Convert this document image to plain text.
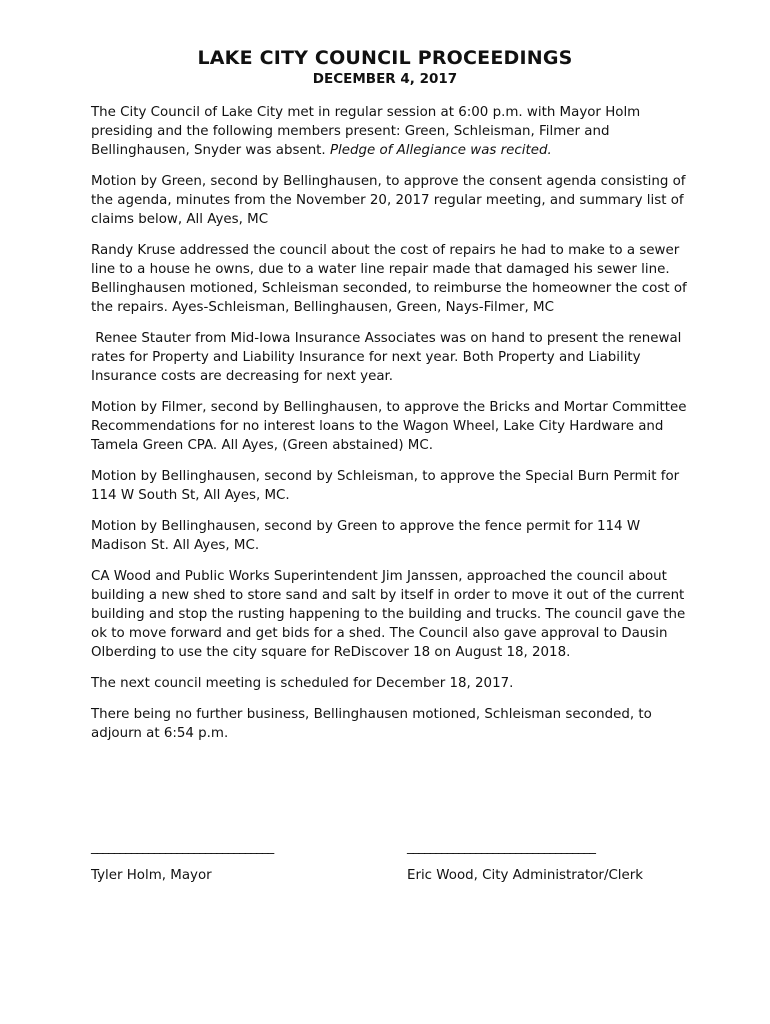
LAKE CITY COUNCIL PROCEEDINGS
DECEMBER 4, 2017

The City Council of Lake City met in regular session at 6:00 p.m. with Mayor Holm presiding and the following members present: Green, Schleisman, Filmer and Bellinghausen, Snyder was absent. Pledge of Allegiance was recited.

Motion by Green, second by Bellinghausen, to approve the consent agenda consisting of the agenda, minutes from the November 20, 2017 regular meeting, and summary list of claims below, All Ayes, MC

Randy Kruse addressed the council about the cost of repairs he had to make to a sewer line to a house he owns, due to a water line repair made that damaged his sewer line. Bellinghausen motioned, Schleisman seconded, to reimburse the homeowner the cost of the repairs. Ayes-Schleisman, Bellinghausen, Green, Nays-Filmer, MC

Renee Stauter from Mid-Iowa Insurance Associates was on hand to present the renewal rates for Property and Liability Insurance for next year. Both Property and Liability Insurance costs are decreasing for next year.

Motion by Filmer, second by Bellinghausen, to approve the Bricks and Mortar Committee Recommendations for no interest loans to the Wagon Wheel, Lake City Hardware and Tamela Green CPA. All Ayes, (Green abstained) MC.

Motion by Bellinghausen, second by Schleisman, to approve the Special Burn Permit for 114 W South St, All Ayes, MC.

Motion by Bellinghausen, second by Green to approve the fence permit for 114 W Madison St. All Ayes, MC.

CA Wood and Public Works Superintendent Jim Janssen, approached the council about building a new shed to store sand and salt by itself in order to move it out of the current building and stop the rusting happening to the building and trucks. The council gave the ok to move forward and get bids for a shed. The Council also gave approval to Dausin Olberding to use the city square for ReDiscover 18 on August 18, 2018.

The next council meeting is scheduled for December 18, 2017.

There being no further business, Bellinghausen motioned, Schleisman seconded, to adjourn at 6:54 p.m.

________________________________	_________________________________
Tyler Holm, Mayor	Eric Wood, City Administrator/Clerk
